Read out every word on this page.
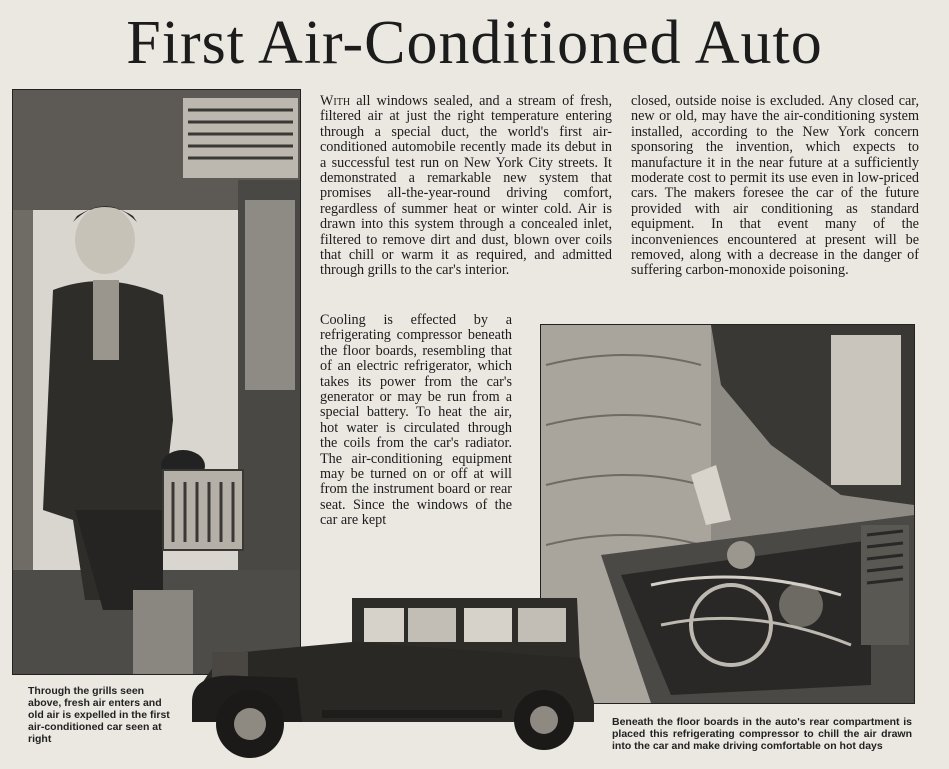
First Air-Conditioned Auto
With all windows sealed, and a stream of fresh, filtered air at just the right temperature entering through a special duct, the world's first air-conditioned automobile recently made its debut in a successful test run on New York City streets. It demonstrated a remarkable new system that promises all-the-year-round driving comfort, regardless of summer heat or winter cold. Air is drawn into this system through a concealed inlet, filtered to remove dirt and dust, blown over coils that chill or warm it as required, and admitted through grills to the car's interior.
Cooling is effected by a refrigerating compressor beneath the floor boards, resembling that of an electric refrigerator, which takes its power from the car's generator or may be run from a special battery. To heat the air, hot water is circulated through the coils from the car's radiator. The air-conditioning equipment may be turned on or off at will from the instrument board or rear seat. Since the windows of the car are kept
closed, outside noise is excluded. Any closed car, new or old, may have the air-conditioning system installed, according to the New York concern sponsoring the invention, which expects to manufacture it in the near future at a sufficiently moderate cost to permit its use even in low-priced cars. The makers foresee the car of the future provided with air conditioning as standard equipment. In that event many of the inconveniences encountered at present will be removed, along with a decrease in the danger of suffering carbon-monoxide poisoning.
Through the grills seen above, fresh air enters and old air is expelled in the first air-conditioned car seen at right
Beneath the floor boards in the auto's rear compartment is placed this refrigerating compressor to chill the air drawn into the car and make driving comfortable on hot days
